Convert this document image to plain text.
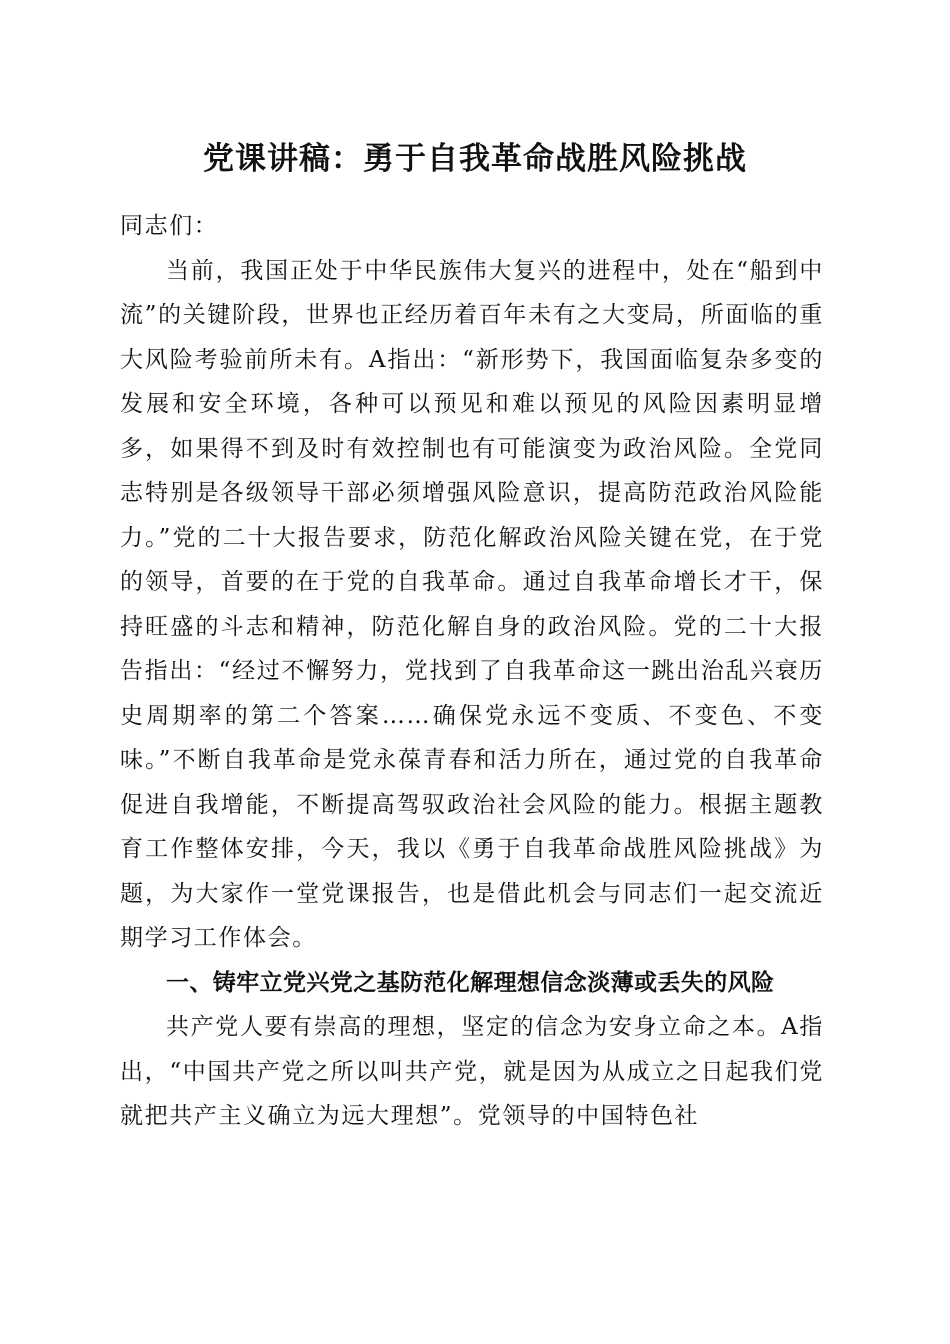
党课讲稿：勇于自我革命战胜风险挑战

同志们：

当前，我国正处于中华民族伟大复兴的进程中，处在“船到中流”的关键阶段，世界也正经历着百年未有之大变局，所面临的重大风险考验前所未有。A指出：“新形势下，我国面临复杂多变的发展和安全环境，各种可以预见和难以预见的风险因素明显增多，如果得不到及时有效控制也有可能演变为政治风险。全党同志特别是各级领导干部必须增强风险意识，提高防范政治风险能力。”党的二十大报告要求，防范化解政治风险关键在党，在于党的领导，首要的在于党的自我革命。通过自我革命增长才干，保持旺盛的斗志和精神，防范化解自身的政治风险。党的二十大报告指出：“经过不懈努力，党找到了自我革命这一跳出治乱兴衰历史周期率的第二个答案……确保党永远不变质、不变色、不变味。”不断自我革命是党永葆青春和活力所在，通过党的自我革命促进自我增能，不断提高驾驭政治社会风险的能力。根据主题教育工作整体安排，今天，我以《勇于自我革命战胜风险挑战》为题，为大家作一堂党课报告，也是借此机会与同志们一起交流近期学习工作体会。

一、铸牢立党兴党之基防范化解理想信念淡薄或丢失的风险

共产党人要有崇高的理想，坚定的信念为安身立命之本。A指出，“中国共产党之所以叫共产党，就是因为从成立之日起我们党就把共产主义确立为远大理想”。党领导的中国特色社
